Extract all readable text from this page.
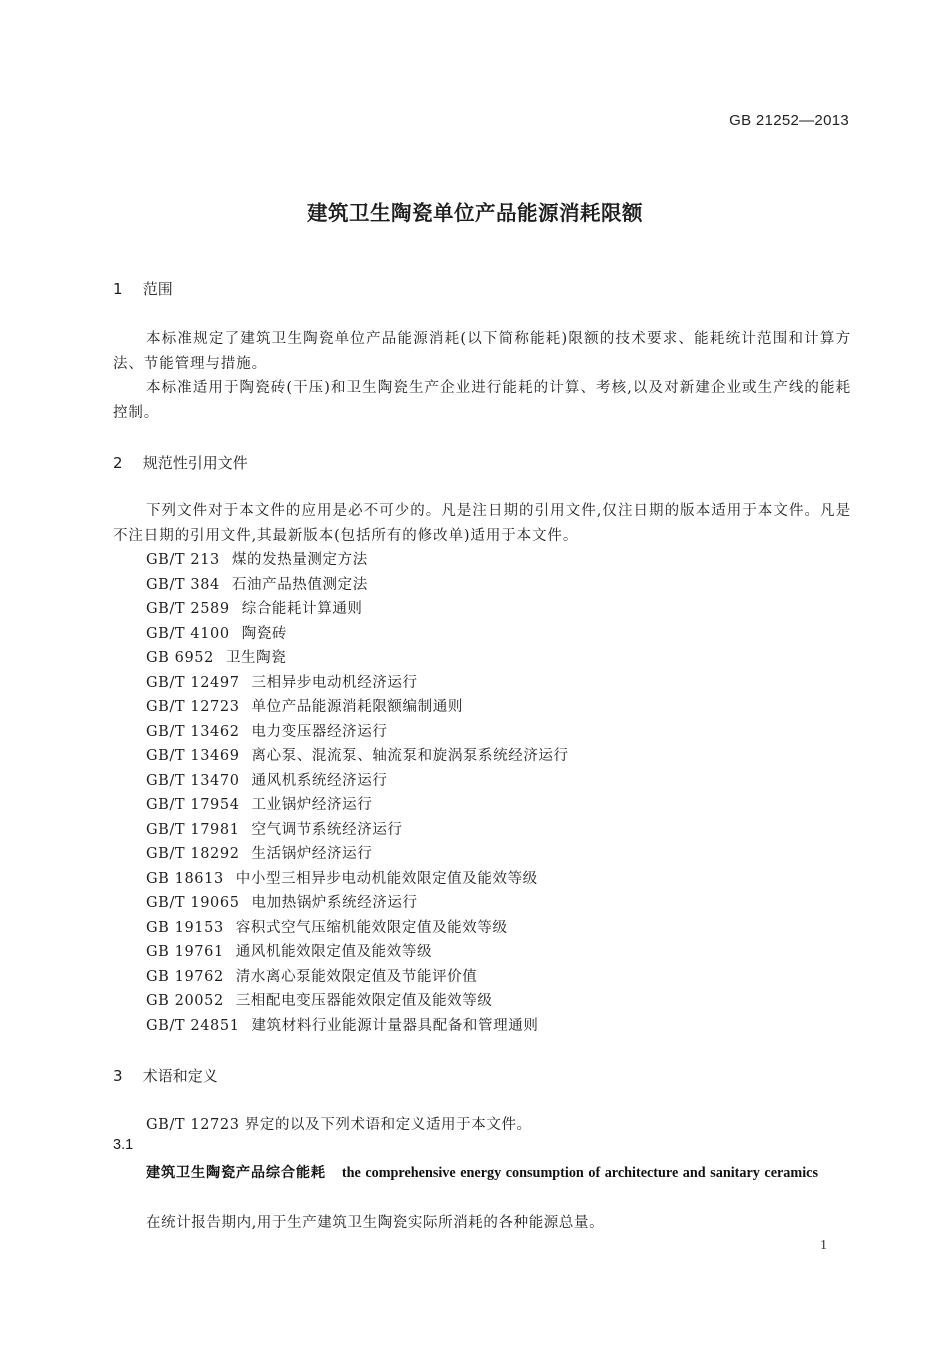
GB 21252—2013
建筑卫生陶瓷单位产品能源消耗限额
1 范围
本标准规定了建筑卫生陶瓷单位产品能源消耗(以下简称能耗)限额的技术要求、能耗统计范围和计算方法、节能管理与措施。
本标准适用于陶瓷砖(干压)和卫生陶瓷生产企业进行能耗的计算、考核,以及对新建企业或生产线的能耗控制。
2 规范性引用文件
下列文件对于本文件的应用是必不可少的。凡是注日期的引用文件,仅注日期的版本适用于本文件。凡是不注日期的引用文件,其最新版本(包括所有的修改单)适用于本文件。
GB/T 213 煤的发热量测定方法
GB/T 384 石油产品热值测定法
GB/T 2589 综合能耗计算通则
GB/T 4100 陶瓷砖
GB 6952 卫生陶瓷
GB/T 12497 三相异步电动机经济运行
GB/T 12723 单位产品能源消耗限额编制通则
GB/T 13462 电力变压器经济运行
GB/T 13469 离心泵、混流泵、轴流泵和旋涡泵系统经济运行
GB/T 13470 通风机系统经济运行
GB/T 17954 工业锅炉经济运行
GB/T 17981 空气调节系统经济运行
GB/T 18292 生活锅炉经济运行
GB 18613 中小型三相异步电动机能效限定值及能效等级
GB/T 19065 电加热锅炉系统经济运行
GB 19153 容积式空气压缩机能效限定值及能效等级
GB 19761 通风机能效限定值及能效等级
GB 19762 清水离心泵能效限定值及节能评价值
GB 20052 三相配电变压器能效限定值及能效等级
GB/T 24851 建筑材料行业能源计量器具配备和管理通则
3 术语和定义
GB/T 12723 界定的以及下列术语和定义适用于本文件。
3.1
建筑卫生陶瓷产品综合能耗 the comprehensive energy consumption of architecture and sanitary ceramics
在统计报告期内,用于生产建筑卫生陶瓷实际所消耗的各种能源总量。
1
